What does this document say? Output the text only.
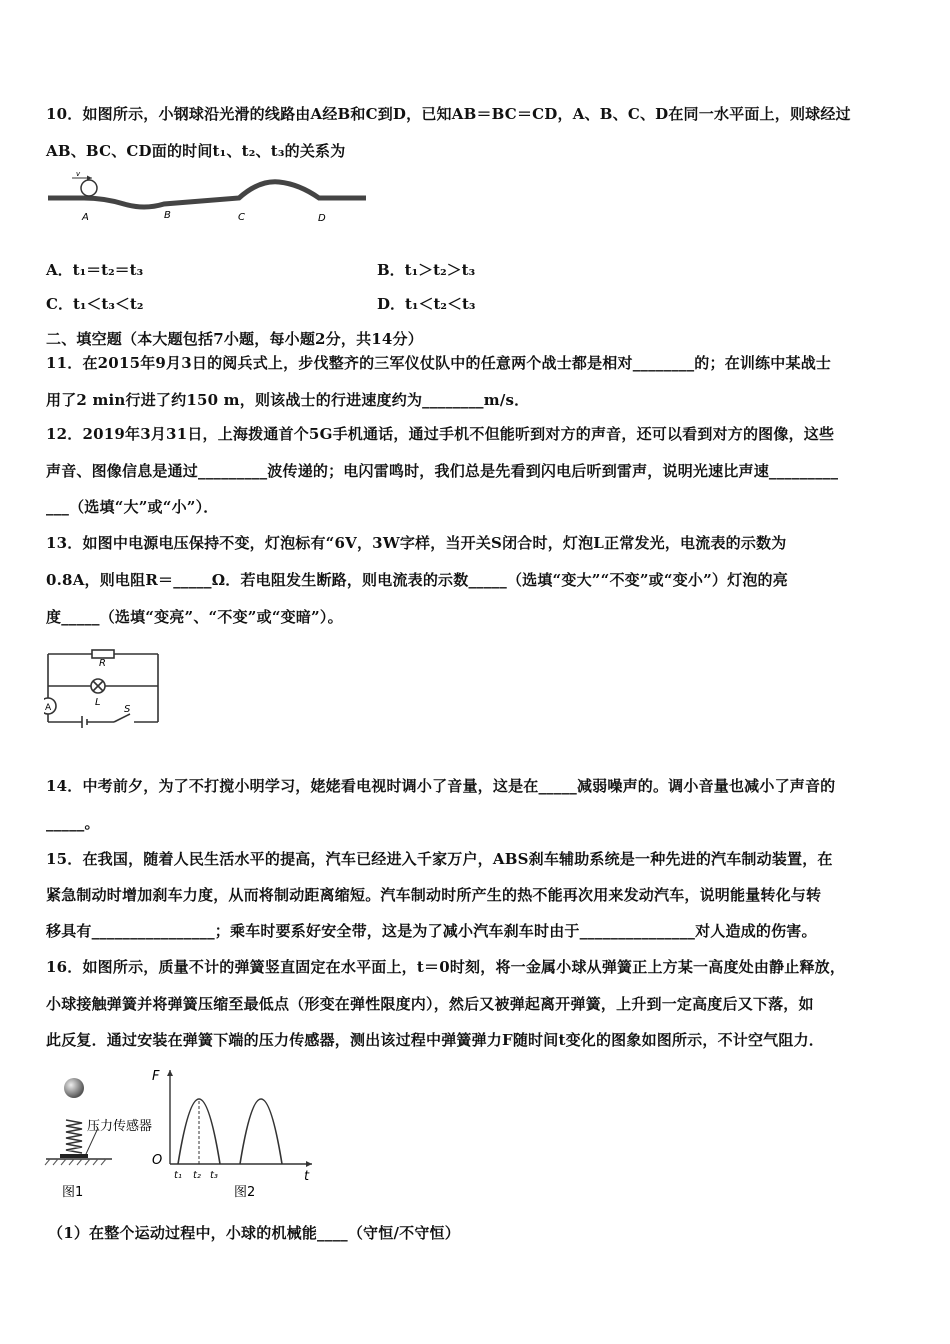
10．如图所示，小钢球沿光滑的线路由A经B和C到D，已知AB＝BC＝CD，A、B、C、D在同一水平面上，则球经过
AB、BC、CD面的时间t₁、t₂、t₃的关系为
v
A	B	C	D
A．t₁＝t₂＝t₃	B．t₁＞t₂＞t₃
C．t₁＜t₃＜t₂	D．t₁＜t₂＜t₃
二、填空题（本大题包括7小题，每小题2分，共14分）
11．在2015年9月3日的阅兵式上，步伐整齐的三军仪仗队中的任意两个战士都是相对________的；在训练中某战士
用了2 min行进了约150 m，则该战士的行进速度约为________m/s．
12．2019年3月31日，上海拨通首个5G手机通话，通过手机不但能听到对方的声音，还可以看到对方的图像，这些
声音、图像信息是通过_________波传递的；电闪雷鸣时，我们总是先看到闪电后听到雷声，说明光速比声速_________
___（选填“大”或“小”）．
13．如图中电源电压保持不变，灯泡标有“6V，3W字样，当开关S闭合时，灯泡L正常发光，电流表的示数为
0.8A，则电阻R＝_____Ω．若电阻发生断路，则电流表的示数_____（选填“变大”“不变”或“变小”）灯泡的亮
度_____（选填“变亮”、“不变”或“变暗”）。
R
L
S
A
14．中考前夕，为了不打搅小明学习，姥姥看电视时调小了音量，这是在_____减弱噪声的。调小音量也减小了声音的
_____。
15．在我国，随着人民生活水平的提高，汽车已经进入千家万户，ABS刹车辅助系统是一种先进的汽车制动装置，在
紧急制动时增加刹车力度，从而将制动距离缩短。汽车制动时所产生的热不能再次用来发动汽车，说明能量转化与转
移具有________________；乘车时要系好安全带，这是为了减小汽车刹车时由于_______________对人造成的伤害。
16．如图所示，质量不计的弹簧竖直固定在水平面上，t＝0时刻，将一金属小球从弹簧正上方某一高度处由静止释放，
小球接触弹簧并将弹簧压缩至最低点（形变在弹性限度内），然后又被弹起离开弹簧，上升到一定高度后又下落，如
此反复．通过安装在弹簧下端的压力传感器，测出该过程中弹簧弹力F随时间t变化的图象如图所示，不计空气阻力．
压力传感器
图1
F
O
t
t₁ t₂ t₃
图2
（1）在整个运动过程中，小球的机械能____（守恒/不守恒）
